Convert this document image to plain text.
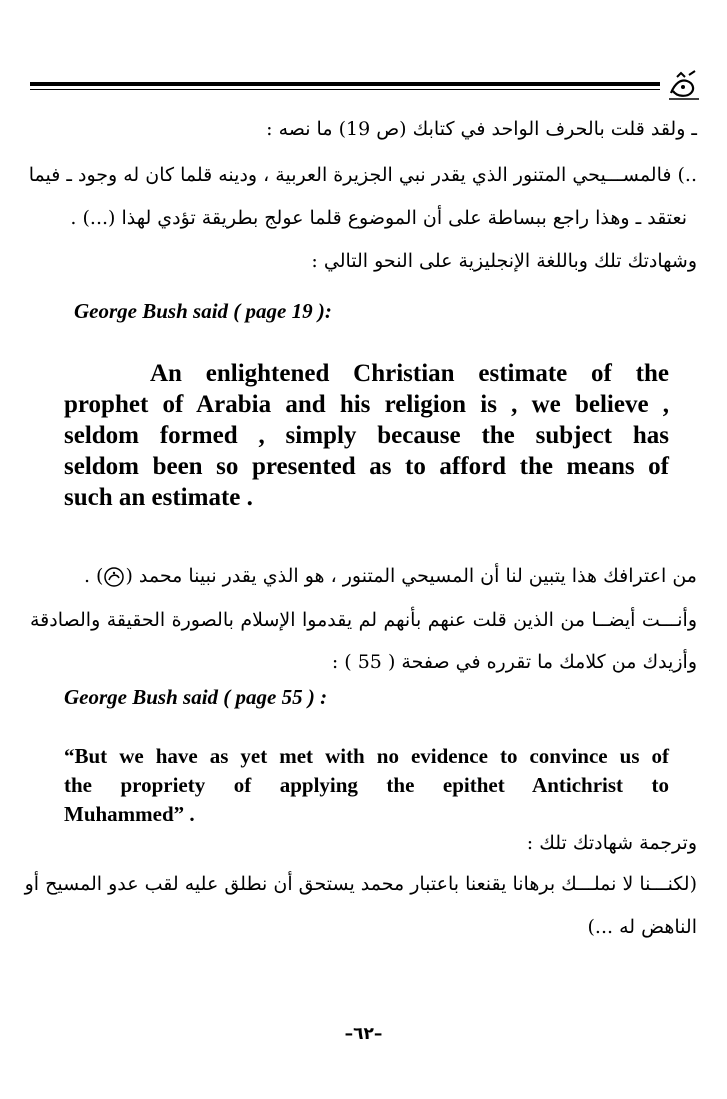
ـ ولقد قلت بالحرف الواحد في كتابك (ص 19) ما نصه :
..) فالمســـيحي المتنور الذي يقدر نبي الجزيرة العربية ، ودينه قلما كان له وجود ـ فيما
نعتقد ـ وهذا راجع ببساطة على أن الموضوع قلما عولج بطريقة تؤدي لهذا (...) .
وشهادتك تلك وباللغة الإنجليزية على النحو التالي :
George Bush said ( page 19 ):
An enlightened Christian estimate of the
prophet of Arabia and his religion is , we believe ,
seldom formed , simply because the subject has
seldom been so presented as to afford the means of
such an estimate .
من اعترافك هذا يتبين لنا أن المسيحي المتنور ، هو الذي يقدر نبينا محمد () .
وأنـــت أيضــا من الذين قلت عنهم بأنهم لم يقدموا الإسلام بالصورة الحقيقة والصادقة
وأزيدك من كلامك ما تقرره في صفحة ( 55 ) :
George Bush said ( page 55 ) :
“But we have as yet met with no evidence to convince us of
the propriety of applying the epithet Antichrist to
Muhammed” .
وترجمة شهادتك تلك :
(لكنـــنا لا نملـــك برهانا يقنعنا باعتبار محمد يستحق أن نطلق عليه لقب عدو المسيح أو
الناهض له ...)
–٦٢–
